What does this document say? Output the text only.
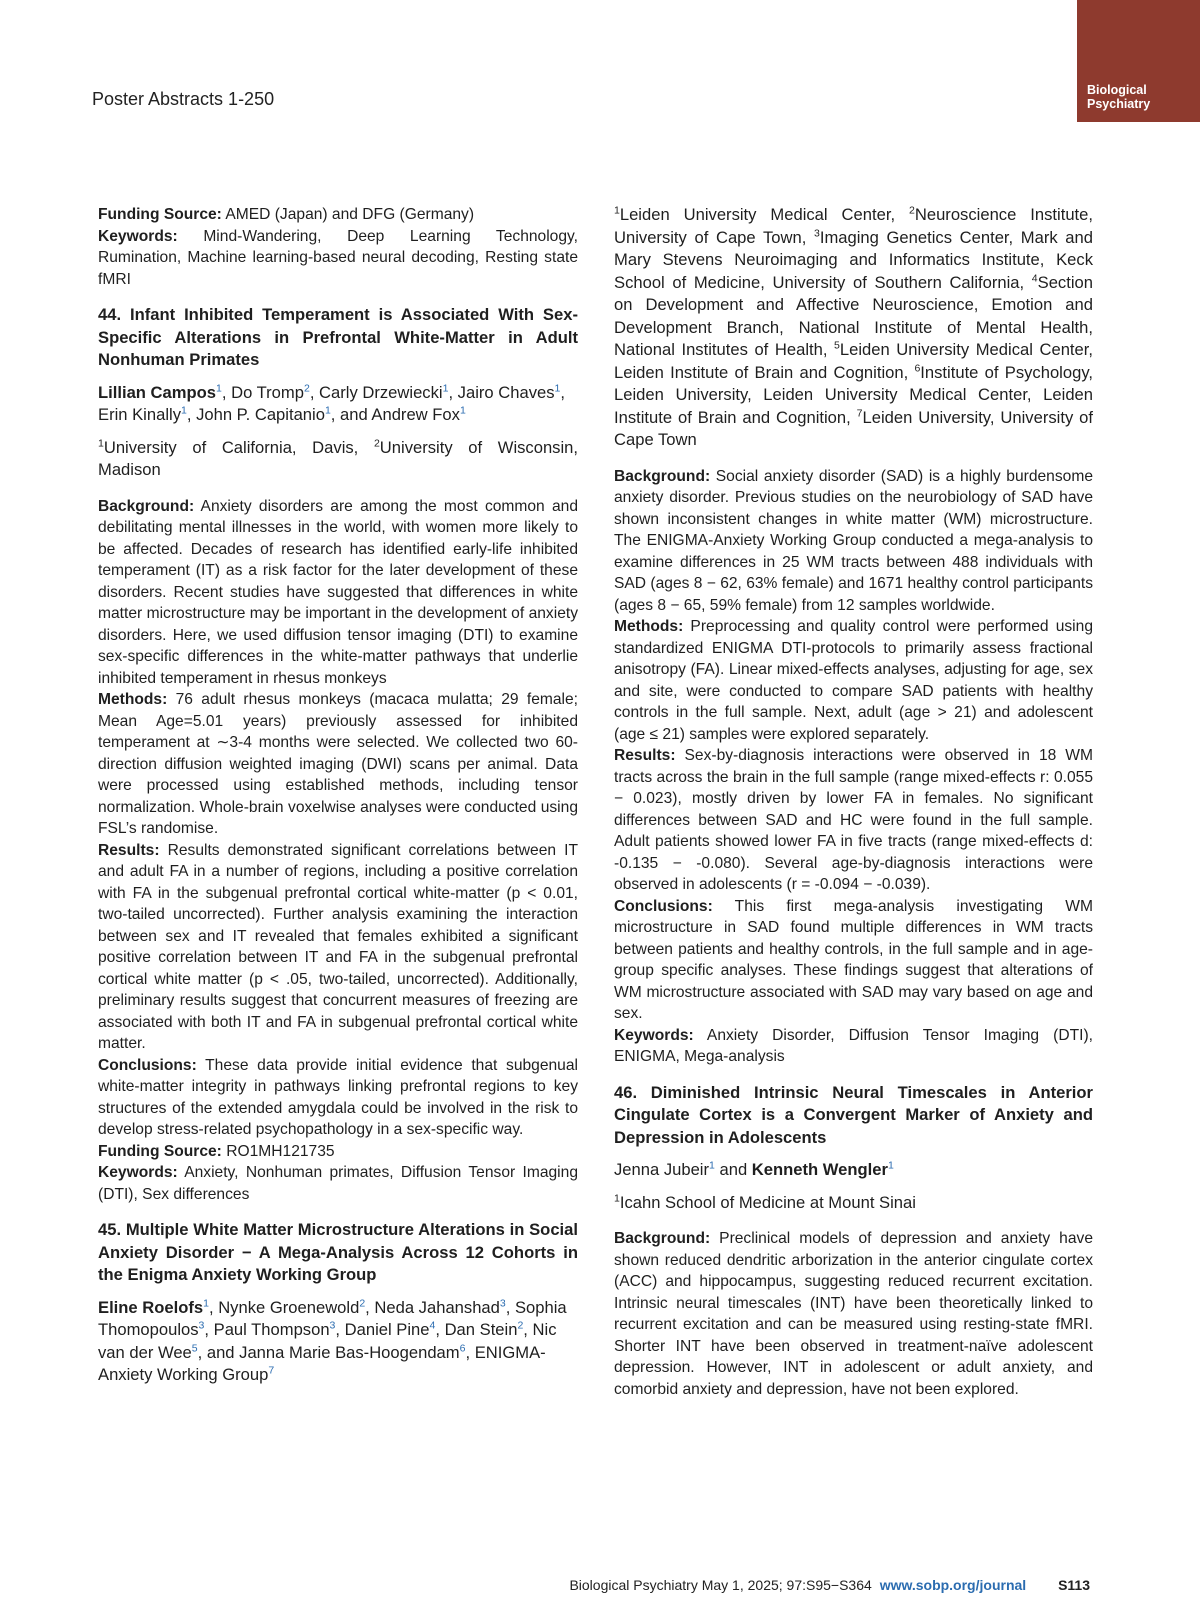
Poster Abstracts 1-250	Biological
Psychiatry

Funding Source: AMED (Japan) and DFG (Germany)

Keywords: Mind-Wandering, Deep Learning Technology, Rumination, Machine learning-based neural decoding, Resting state fMRI

44. Infant Inhibited Temperament is Associated With Sex-Specific Alterations in Prefrontal White-Matter in Adult Nonhuman Primates
Lillian Campos$^1$, Do Tromp$^2$, Carly Drzewiecki$^1$, Jairo Chaves$^1$, Erin Kinally$^1$, John P. Capitanio$^1$, and Andrew Fox$^1$
$^1$University of California, Davis, $^2$University of Wisconsin, Madison

Background: Anxiety disorders are among the most common and debilitating mental illnesses in the world, with women more likely to be affected. Decades of research has identified early-life inhibited temperament (IT) as a risk factor for the later development of these disorders. Recent studies have suggested that differences in white matter microstructure may be important in the development of anxiety disorders. Here, we used diffusion tensor imaging (DTI) to examine sex-specific differences in the white-matter pathways that underlie inhibited temperament in rhesus monkeys

Methods: 76 adult rhesus monkeys (macaca mulatta; 29 female; Mean Age=5.01 years) previously assessed for inhibited temperament at ∼3-4 months were selected. We collected two 60-direction diffusion weighted imaging (DWI) scans per animal. Data were processed using established methods, including tensor normalization. Whole-brain voxelwise analyses were conducted using FSL’s randomise.

Results: Results demonstrated significant correlations between IT and adult FA in a number of regions, including a positive correlation with FA in the subgenual prefrontal cortical white-matter (p < 0.01, two-tailed uncorrected). Further analysis examining the interaction between sex and IT revealed that females exhibited a significant positive correlation between IT and FA in the subgenual prefrontal cortical white matter (p < .05, two-tailed, uncorrected). Additionally, preliminary results suggest that concurrent measures of freezing are associated with both IT and FA in subgenual prefrontal cortical white matter.

Conclusions: These data provide initial evidence that subgenual white-matter integrity in pathways linking prefrontal regions to key structures of the extended amygdala could be involved in the risk to develop stress-related psychopathology in a sex-specific way.

Funding Source: RO1MH121735

Keywords: Anxiety, Nonhuman primates, Diffusion Tensor Imaging (DTI), Sex differences

45. Multiple White Matter Microstructure Alterations in Social Anxiety Disorder − A Mega-Analysis Across 12 Cohorts in the Enigma Anxiety Working Group
Eline Roelofs$^1$, Nynke Groenewold$^2$, Neda Jahanshad$^3$, Sophia Thomopoulos$^3$, Paul Thompson$^3$, Daniel Pine$^4$, Dan Stein$^2$, Nic van der Wee$^5$, and Janna Marie Bas-Hoogendam$^6$, ENIGMA-Anxiety Working Group$^7$
$^1$Leiden University Medical Center, $^2$Neuroscience Institute, University of Cape Town, $^3$Imaging Genetics Center, Mark and Mary Stevens Neuroimaging and Informatics Institute, Keck School of Medicine, University of Southern California, $^4$Section on Development and Affective Neuroscience, Emotion and Development Branch, National Institute of Mental Health, National Institutes of Health, $^5$Leiden University Medical Center, Leiden Institute of Brain and Cognition, $^6$Institute of Psychology, Leiden University, Leiden University Medical Center, Leiden Institute of Brain and Cognition, $^7$Leiden University, University of Cape Town

Background: Social anxiety disorder (SAD) is a highly burdensome anxiety disorder. Previous studies on the neurobiology of SAD have shown inconsistent changes in white matter (WM) microstructure. The ENIGMA-Anxiety Working Group conducted a mega-analysis to examine differences in 25 WM tracts between 488 individuals with SAD (ages 8 − 62, 63% female) and 1671 healthy control participants (ages 8 − 65, 59% female) from 12 samples worldwide.

Methods: Preprocessing and quality control were performed using standardized ENIGMA DTI-protocols to primarily assess fractional anisotropy (FA). Linear mixed-effects analyses, adjusting for age, sex and site, were conducted to compare SAD patients with healthy controls in the full sample. Next, adult (age > 21) and adolescent (age ≤ 21) samples were explored separately.

Results: Sex-by-diagnosis interactions were observed in 18 WM tracts across the brain in the full sample (range mixed-effects r: 0.055 − 0.023), mostly driven by lower FA in females. No significant differences between SAD and HC were found in the full sample. Adult patients showed lower FA in five tracts (range mixed-effects d: -0.135 − -0.080). Several age-by-diagnosis interactions were observed in adolescents (r = -0.094 − -0.039).

Conclusions: This first mega-analysis investigating WM microstructure in SAD found multiple differences in WM tracts between patients and healthy controls, in the full sample and in age-group specific analyses. These findings suggest that alterations of WM microstructure associated with SAD may vary based on age and sex.

Keywords: Anxiety Disorder, Diffusion Tensor Imaging (DTI), ENIGMA, Mega-analysis

46. Diminished Intrinsic Neural Timescales in Anterior Cingulate Cortex is a Convergent Marker of Anxiety and Depression in Adolescents
Jenna Jubeir$^1$ and Kenneth Wengler$^1$
$^1$Icahn School of Medicine at Mount Sinai

Background: Preclinical models of depression and anxiety have shown reduced dendritic arborization in the anterior cingulate cortex (ACC) and hippocampus, suggesting reduced recurrent excitation. Intrinsic neural timescales (INT) have been theoretically linked to recurrent excitation and can be measured using resting-state fMRI. Shorter INT have been observed in treatment-naïve adolescent depression. However, INT in adolescent or adult anxiety, and comorbid anxiety and depression, have not been explored.

Biological Psychiatry May 1, 2025; 97:S95−S364 www.sobp.org/journal S113
